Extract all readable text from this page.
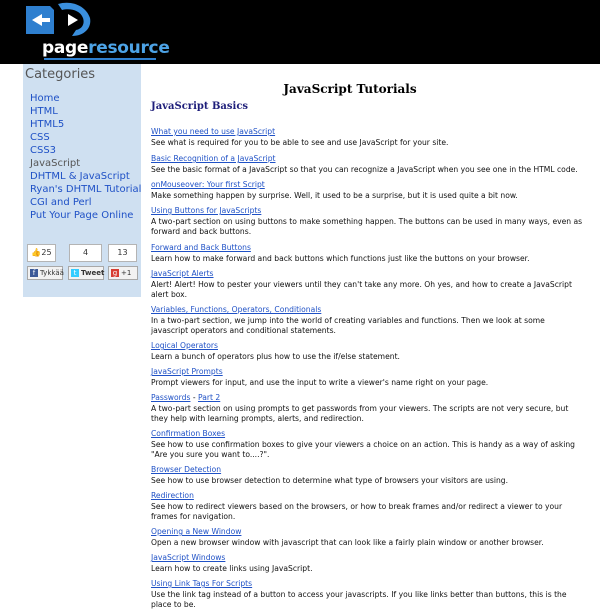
pageresource
Categories
Home
HTML
HTML5
CSS
CSS3
JavaScript
DHTML & JavaScript
Ryan's DHTML Tutorial
CGI and Perl
Put Your Page Online
👍25	4	13
f Tykkää	t Tweet	g +1
JavaScript Tutorials
JavaScript Basics
What you need to use JavaScript
See what is required for you to be able to see and use JavaScript for your site.
Basic Recognition of a JavaScript
See the basic format of a JavaScript so that you can recognize a JavaScript when you see one in the HTML code.
onMouseover: Your first Script
Make something happen by surprise. Well, it used to be a surprise, but it is used quite a bit now.
Using Buttons for JavaScripts
A two-part section on using buttons to make something happen. The buttons can be used in many ways, even as forward and back buttons.
Forward and Back Buttons
Learn how to make forward and back buttons which functions just like the buttons on your browser.
JavaScript Alerts
Alert! Alert! How to pester your viewers until they can't take any more. Oh yes, and how to create a JavaScript alert box.
Variables, Functions, Operators, Conditionals
In a two-part section, we jump into the world of creating variables and functions. Then we look at some javascript operators and conditional statements.
Logical Operators
Learn a bunch of operators plus how to use the if/else statement.
JavaScript Prompts
Prompt viewers for input, and use the input to write a viewer's name right on your page.
Passwords - Part 2
A two-part section on using prompts to get passwords from your viewers. The scripts are not very secure, but they help with learning prompts, alerts, and redirection.
Confirmation Boxes
See how to use confirmation boxes to give your viewers a choice on an action. This is handy as a way of asking "Are you sure you want to....?".
Browser Detection
See how to use browser detection to determine what type of browsers your visitors are using.
Redirection
See how to redirect viewers based on the browsers, or how to break frames and/or redirect a viewer to your frames for navigation.
Opening a New Window
Open a new browser window with javascript that can look like a fairly plain window or another browser.
JavaScript Windows
Learn how to create links using JavaScript.
Using Link Tags For Scripts
Use the link tag instead of a button to access your javascripts. If you like links better than buttons, this is the place to be.
